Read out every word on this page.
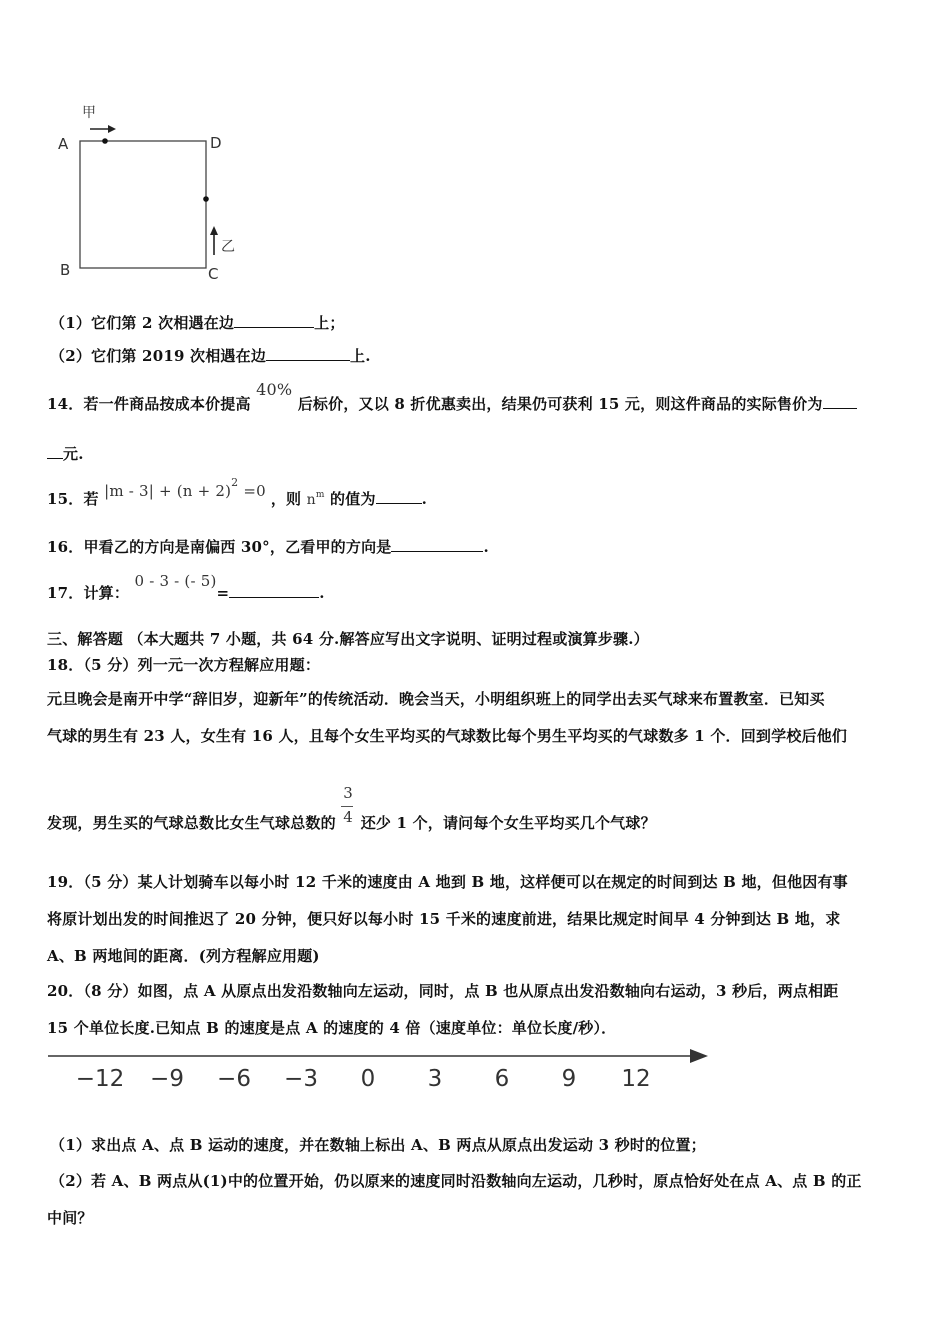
甲
A	D
B	C
乙
（1）它们第 2 次相遇在边	上；
（2）它们第 2019 次相遇在边	上.
14．若一件商品按成本价提高 40% 后标价，又以 8 折优惠卖出，结果仍可获利 15 元，则这件商品的实际售价为
元.
15．若 $|m - 3| + (n + 2)^2 =0$ ，则 $n^m$ 的值为	.
16．甲看乙的方向是南偏西 30°，乙看甲的方向是	.
17．计算： 0 - 3 - (- 5)=	.
三、解答题 （本大题共 7 小题，共 64 分.解答应写出文字说明、证明过程或演算步骤.）
18．（5 分）列一元一次方程解应用题：
元旦晚会是南开中学“辞旧岁，迎新年”的传统活动．晚会当天，小明组织班上的同学出去买气球来布置教室．已知买
气球的男生有 23 人，女生有 16 人，且每个女生平均买的气球数比每个男生平均买的气球数多 1 个．回到学校后他们
发现，男生买的气球总数比女生气球总数的 $\frac{3}{4}$ 还少 1 个，请问每个女生平均买几个气球？
19．（5 分）某人计划骑车以每小时 12 千米的速度由 A 地到 B 地，这样便可以在规定的时间到达 B 地，但他因有事
将原计划出发的时间推迟了 20 分钟，便只好以每小时 15 千米的速度前进，结果比规定时间早 4 分钟到达 B 地，求
A、B 两地间的距离．(列方程解应用题)
20．（8 分）如图，点 A 从原点出发沿数轴向左运动，同时，点 B 也从原点出发沿数轴向右运动，3 秒后，两点相距
15 个单位长度.已知点 B 的速度是点 A 的速度的 4 倍（速度单位：单位长度/秒）．
−12 −9 −6 −3 0 3 6 9 12
（1）求出点 A、点 B 运动的速度，并在数轴上标出 A、B 两点从原点出发运动 3 秒时的位置；
（2）若 A、B 两点从(1)中的位置开始，仍以原来的速度同时沿数轴向左运动，几秒时，原点恰好处在点 A、点 B 的正
中间？
